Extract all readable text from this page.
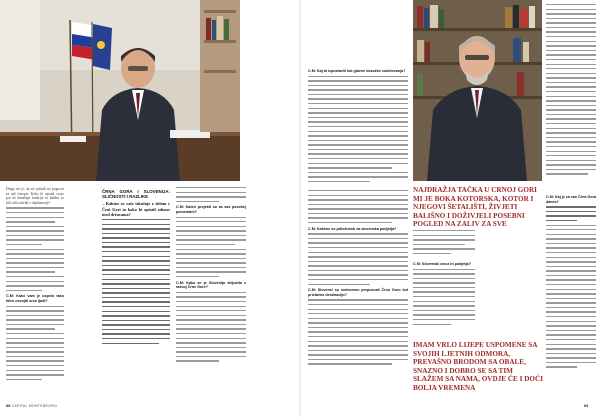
Drago mi je, da ste pristali na pogovor za naš časopis. Kako bi opisali svojo pot do današnje funkcije in kakšni so bili vaši začetki v diplomaciji?

C.M: Kako vam je uspelo tako hitro osvojiti srca ljudi?

ČRNA GORA I SLOVENIJA: SLIČNOSTI I RAZLIKE

– Kakšne so vaše izkušnje z delom v Črni Gori in kako bi opisali odnose med državama?

C.M: Kateri projekti so za vas posebej pomembni?

C.M: Kako se je Slovenija vključila v razvoj Črne Gore?

88 CAPITAL MONTENEGRO

C.M: Kaj bi izpostavili kot glavne dosežke sodelovanja?

C.M: Kakšne so priložnosti za slovenska podjetja?

C.M: Slovenci so nedvomno prepoznali Črno Goro kot privlačno destinacijo?

NAJDRAŽJA TAČKA U CRNOJ GORI MI JE BOKA KOTORSKA, KOTOR I NJEGOVI ŠETALIŠTI, ŽIVJETI BALIŠNO I DOŽIVJELI POSEBNI POGLED NA ZALIV ZA SVE

C.M: Slovenski izvoz in podjetja?

IMAM VRLO LIJEPE USPOMENE SA SVOJIH LJETNIH ODMORA, PREVAŠNO BRODOM SA OBALE, SNAZNO I DOBRO SE SA TIM SLAŽEM SA NAMA, OVDJE ĆE I DOĆI BOLJA VREMENA

C.M: Kaj je za vas Črna Gora danes?

89
